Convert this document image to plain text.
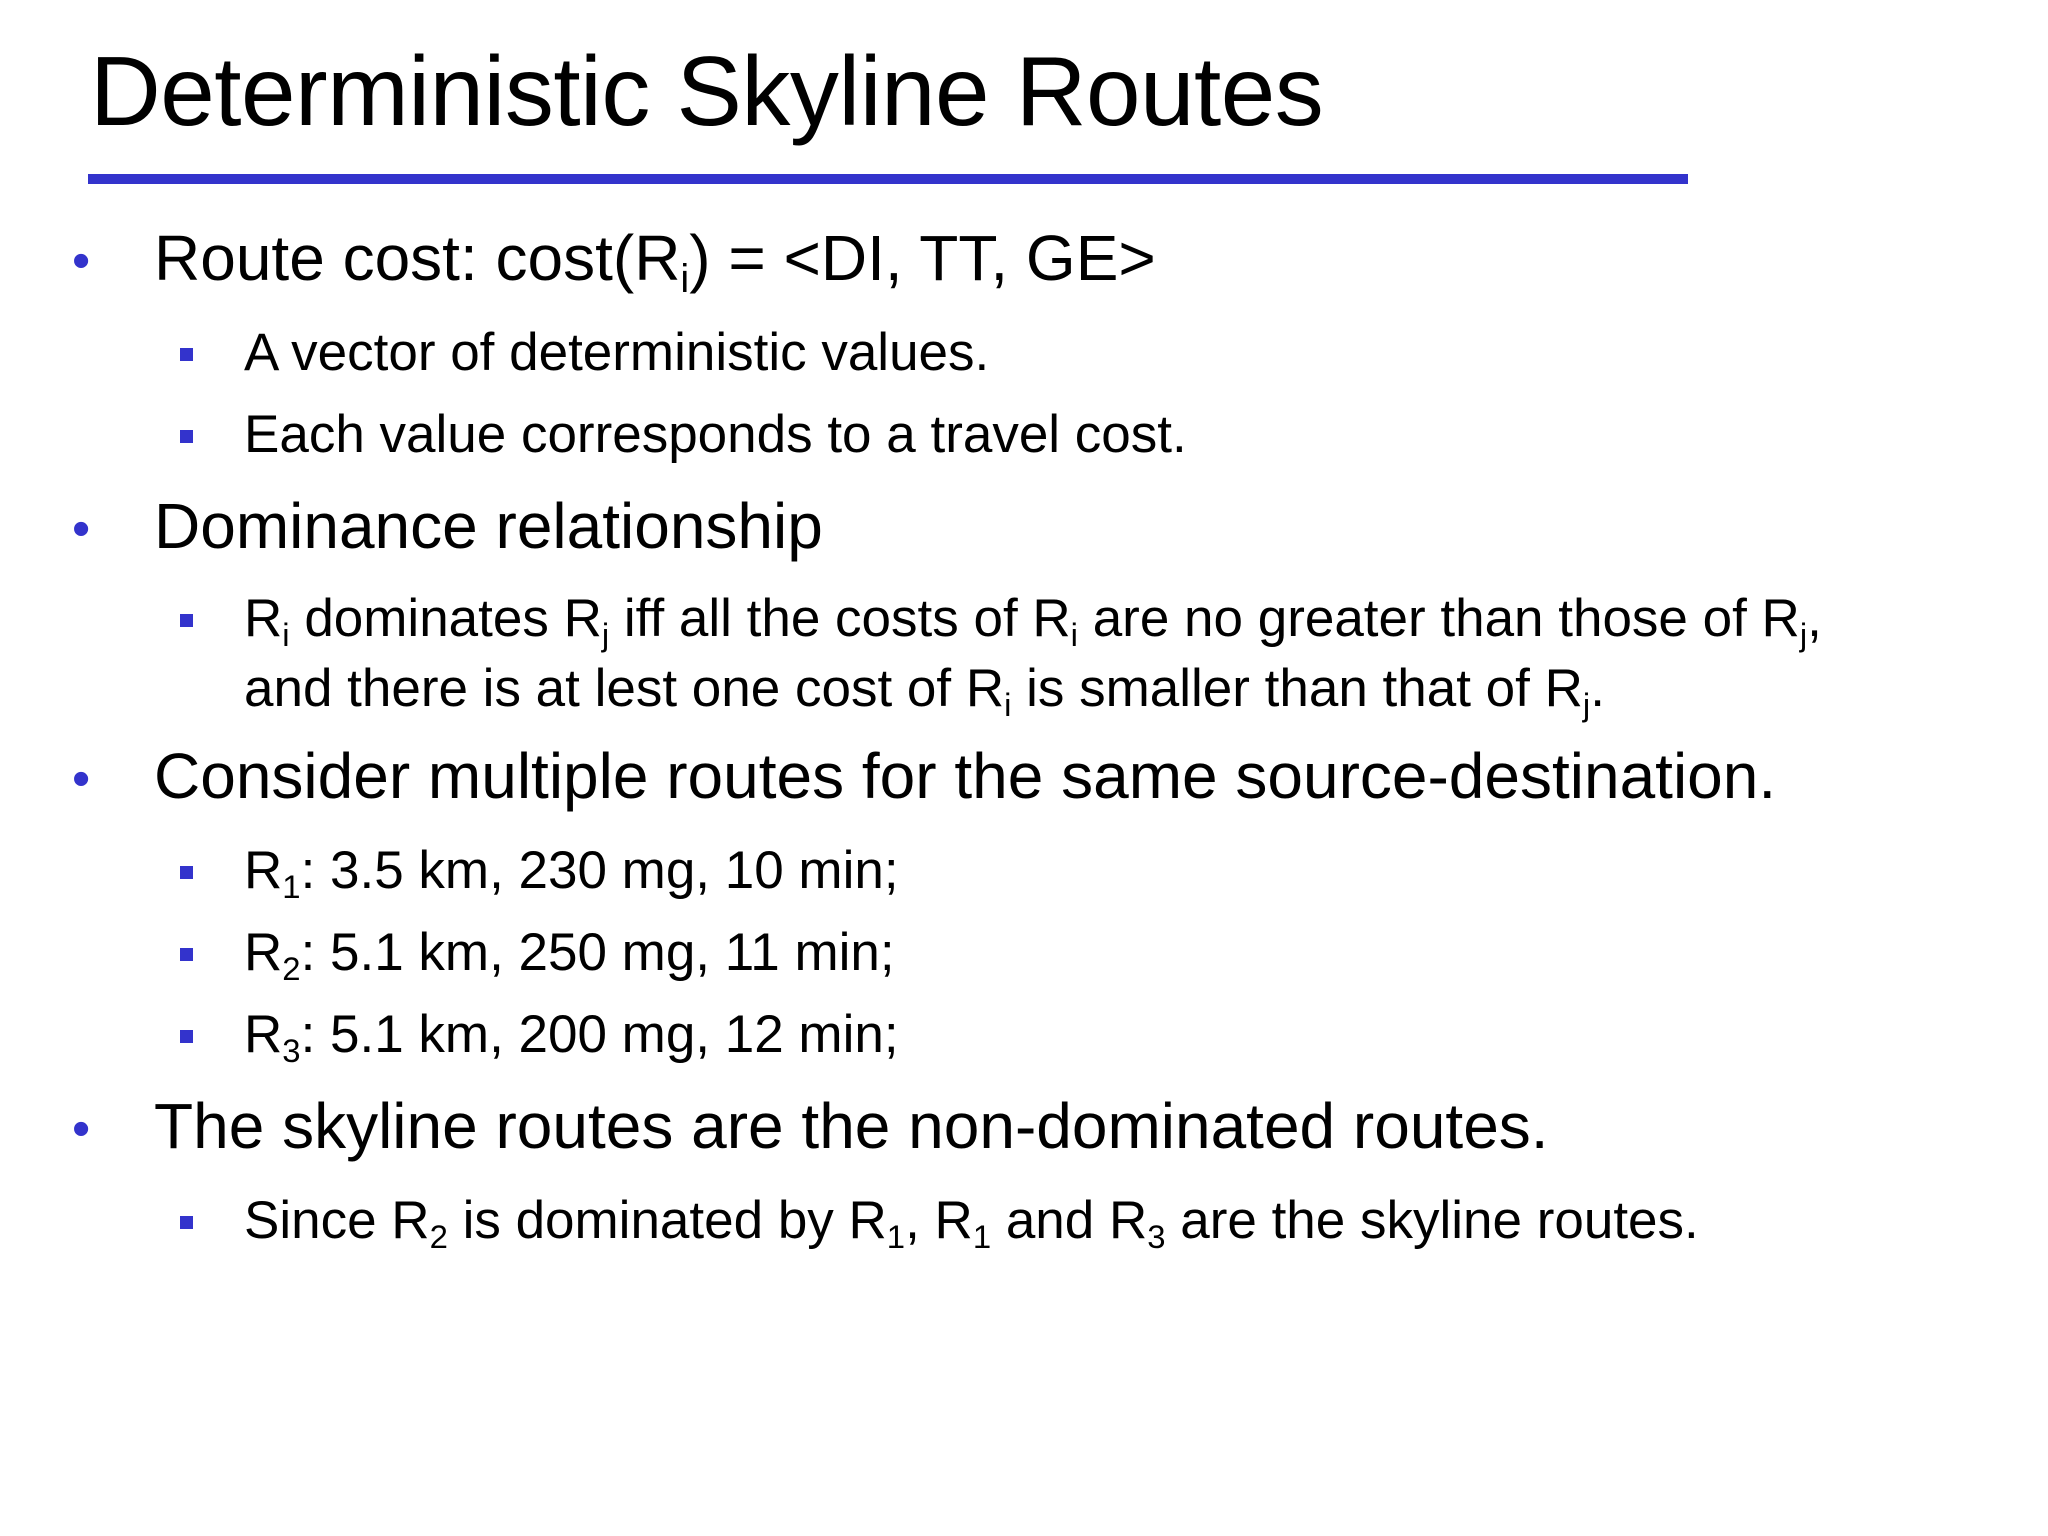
Deterministic Skyline Routes
• Route cost: $\cos t(R_i) = <DI$, TT, GE>
A vector of deterministic values.
Each value corresponds to a travel cost.
• Dominance relationship
$R_i$ dominates $R_j$ iff all the costs of $R_i$ are no greater than those of $R_j$,
and there is at lest one cost of $R_i$ is smaller than that of $R_j$.
• Consider multiple routes for the same source-destination.
$R_1$: 3.5 km, 230 mg, 10 min;
$R_2$: 5.1 km, 250 mg, 11 min;
$R_3$: 5.1 km, 200 mg, 12 min;
• The skyline routes are the non-dominated routes.
Since $R_2$ is dominated by $R_1$, $R_1$ and $R_3$ are the skyline routes.
